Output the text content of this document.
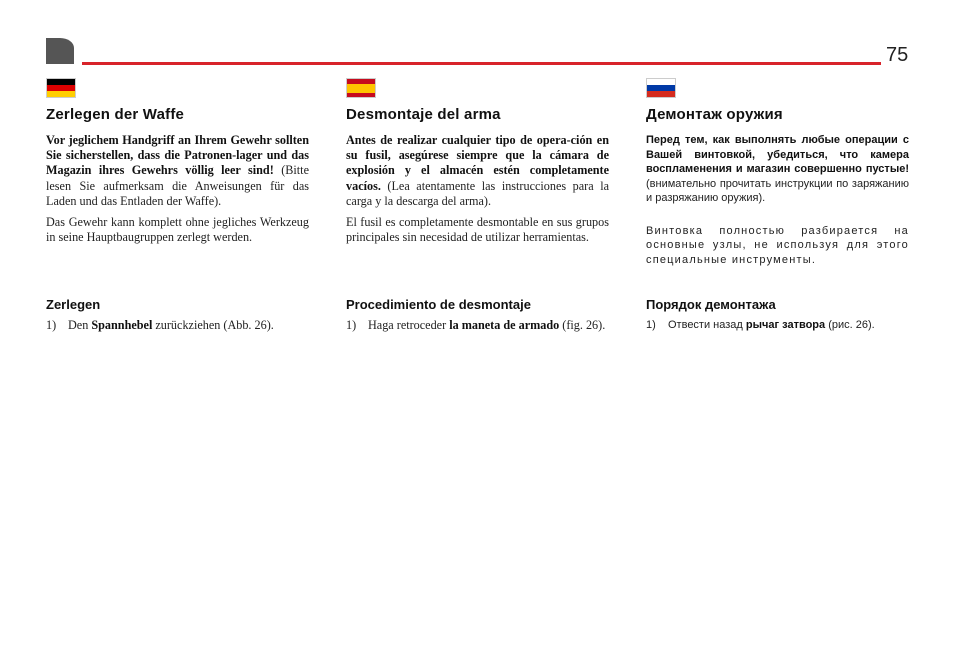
75
Zerlegen der Waffe

Vor jeglichem Handgriff an Ihrem Gewehr sollten Sie sicherstellen, dass die Patronen-lager und das Magazin ihres Gewehrs völlig leer sind! (Bitte lesen Sie aufmerksam die Anweisungen für das Laden und das Entladen der Waffe).

Das Gewehr kann komplett ohne jegliches Werkzeug in seine Hauptbaugruppen zerlegt werden.

Zerlegen
1) Den Spannhebel zurückziehen (Abb. 26).
Desmontaje del arma

Antes de realizar cualquier tipo de opera-ción en su fusil, asegúrese siempre que la cámara de explosión y el almacén estén completamente vacíos. (Lea atentamente las instrucciones para la carga y la descarga del arma).

El fusil es completamente desmontable en sus grupos principales sin necesidad de utilizar herramientas.

Procedimiento de desmontaje
1) Haga retroceder la maneta de armado (fig. 26).
Демонтаж оружия

Перед тем, как выполнять любые операции с Вашей винтовкой, убедиться, что камера воспламенения и магазин совершенно пустые! (внимательно прочитать инструкции по заряжанию и разряжанию оружия).

Винтовка полностью разбирается на основные узлы, не используя для этого специальные инструменты.

Порядок демонтажа
1)	Отвести назад рычаг затвора (рис. 26).
